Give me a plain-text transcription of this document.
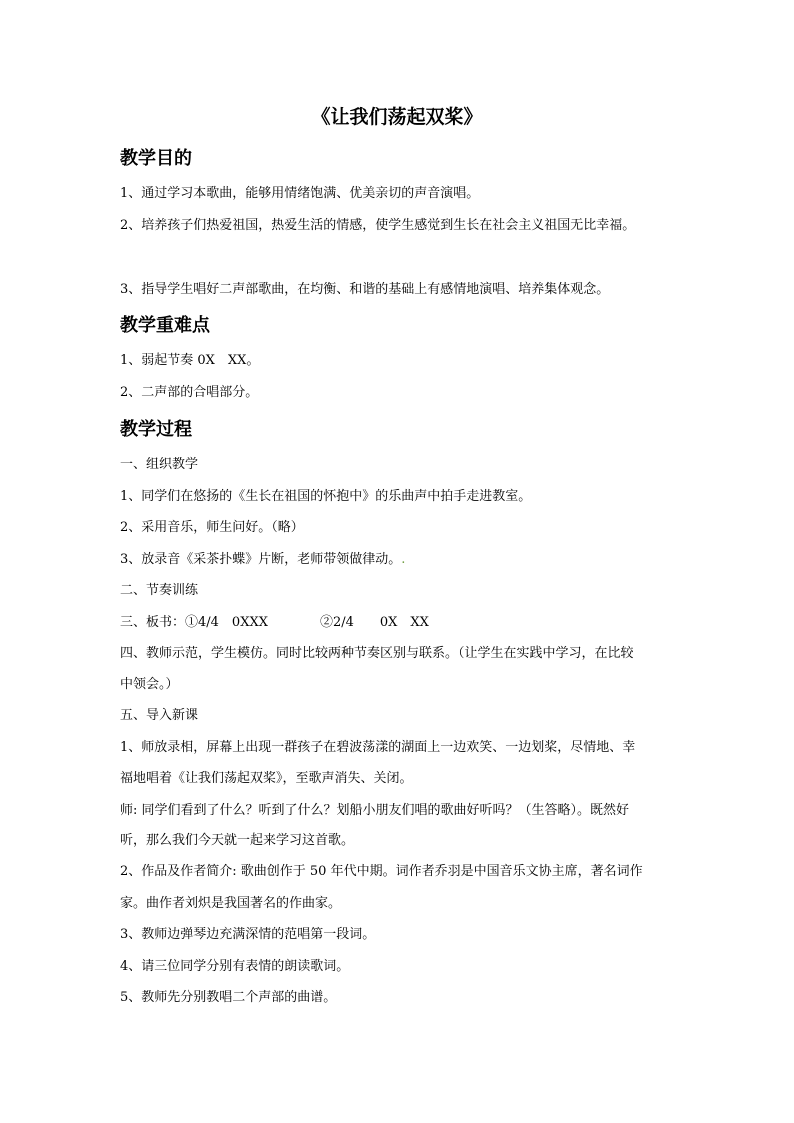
《让我们荡起双桨》
教学目的
1、通过学习本歌曲，能够用情绪饱满、优美亲切的声音演唱。
2、培养孩子们热爱祖国，热爱生活的情感，使学生感觉到生长在社会主义祖国无比幸福。
3、指导学生唱好二声部歌曲，在均衡、和谐的基础上有感情地演唱、培养集体观念。
教学重难点
1、弱起节奏 0X　XX。
2、二声部的合唱部分。
教学过程
一、组织教学
1、同学们在悠扬的《生长在祖国的怀抱中》的乐曲声中拍手走进教室。
2、采用音乐，师生问好。（略）
3、放录音《采茶扑蝶》片断，老师带领做律动。.
二、节奏训练
三、板书：①4/4　0XXX　　　　②2/4　　0X　XX
四、教师示范，学生模仿。同时比较两种节奏区别与联系。（让学生在实践中学习，在比较
中领会。）
五、导入新课
1、师放录相，屏幕上出现一群孩子在碧波荡漾的湖面上一边欢笑、一边划桨，尽情地、幸
福地唱着《让我们荡起双桨》，至歌声消失、关闭。
师: 同学们看到了什么？听到了什么？划船小朋友们唱的歌曲好听吗？（生答略）。既然好
听，那么我们今天就一起来学习这首歌。
2、作品及作者简介: 歌曲创作于 50 年代中期。词作者乔羽是中国音乐文协主席，著名词作
家。曲作者刘炽是我国著名的作曲家。
3、教师边弹琴边充满深情的范唱第一段词。
4、请三位同学分别有表情的朗读歌词。
5、教师先分别教唱二个声部的曲谱。
